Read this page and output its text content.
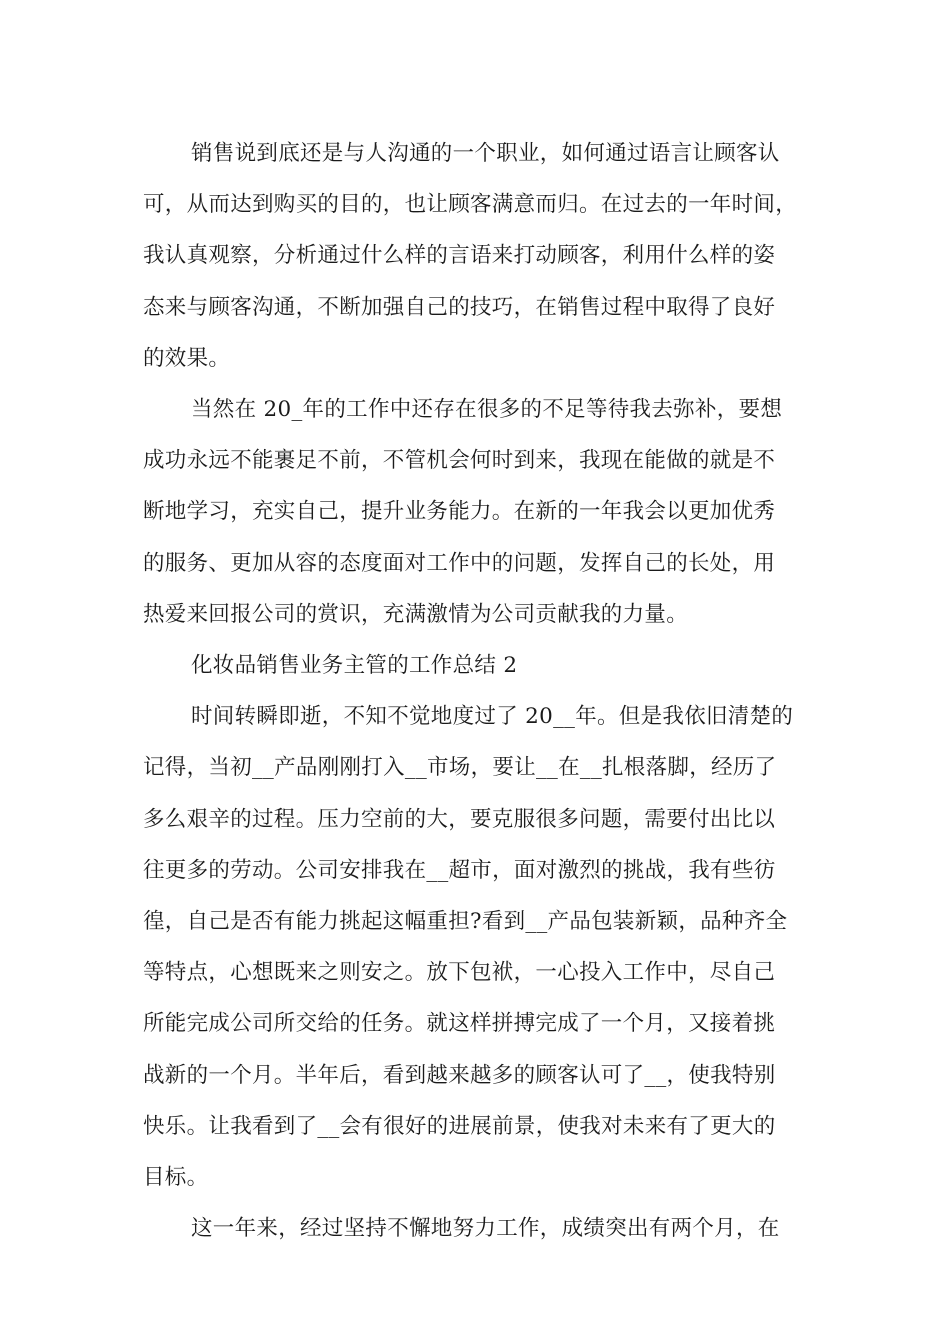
销售说到底还是与人沟通的一个职业，如何通过语言让顾客认
可，从而达到购买的目的，也让顾客满意而归。在过去的一年时间，
我认真观察，分析通过什么样的言语来打动顾客，利用什么样的姿
态来与顾客沟通，不断加强自己的技巧，在销售过程中取得了良好
的效果。

当然在 20_年的工作中还存在很多的不足等待我去弥补，要想
成功永远不能裹足不前，不管机会何时到来，我现在能做的就是不
断地学习，充实自己，提升业务能力。在新的一年我会以更加优秀
的服务、更加从容的态度面对工作中的问题，发挥自己的长处，用
热爱来回报公司的赏识，充满激情为公司贡献我的力量。

化妆品销售业务主管的工作总结 2

时间转瞬即逝，不知不觉地度过了 20__年。但是我依旧清楚的
记得，当初__产品刚刚打入__市场，要让__在__扎根落脚，经历了
多么艰辛的过程。压力空前的大，要克服很多问题，需要付出比以
往更多的劳动。公司安排我在__超市，面对激烈的挑战，我有些彷
徨，自己是否有能力挑起这幅重担?看到__产品包装新颖，品种齐全
等特点，心想既来之则安之。放下包袱，一心投入工作中，尽自己
所能完成公司所交给的任务。就这样拼搏完成了一个月，又接着挑
战新的一个月。半年后，看到越来越多的顾客认可了__，使我特别
快乐。让我看到了__会有很好的进展前景，使我对未来有了更大的
目标。

这一年来，经过坚持不懈地努力工作，成绩突出有两个月，在
